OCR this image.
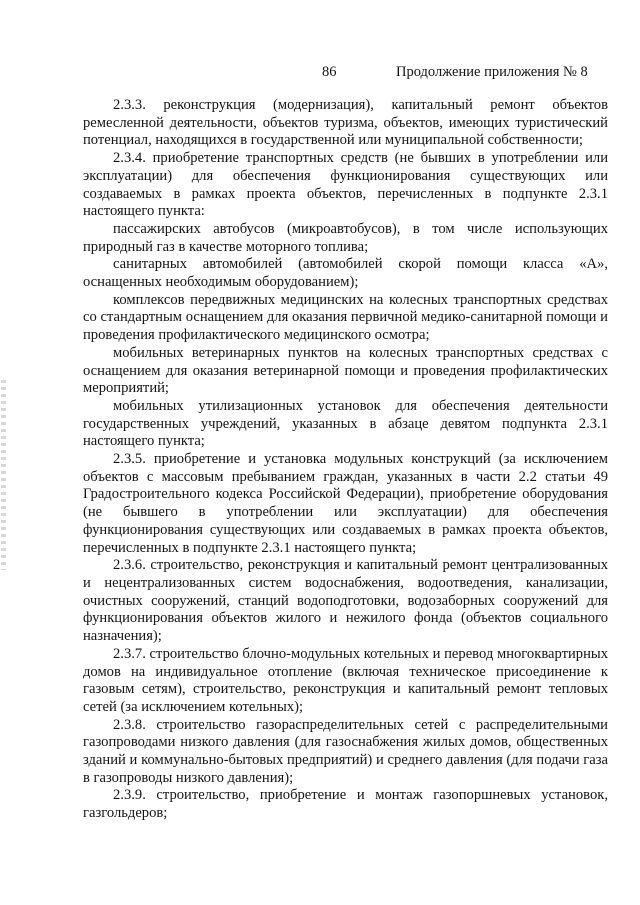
86	Продолжение приложения № 8

2.3.3. реконструкция (модернизация), капитальный ремонт объектов ремесленной деятельности, объектов туризма, объектов, имеющих туристический потенциал, находящихся в государственной или муниципальной собственности;

2.3.4. приобретение транспортных средств (не бывших в употреблении или эксплуатации) для обеспечения функционирования существующих или создаваемых в рамках проекта объектов, перечисленных в подпункте 2.3.1 настоящего пункта:

пассажирских автобусов (микроавтобусов), в том числе использующих природный газ в качестве моторного топлива;

санитарных автомобилей (автомобилей скорой помощи класса «А», оснащенных необходимым оборудованием);

комплексов передвижных медицинских на колесных транспортных средствах со стандартным оснащением для оказания первичной медико-санитарной помощи и проведения профилактического медицинского осмотра;

мобильных ветеринарных пунктов на колесных транспортных средствах с оснащением для оказания ветеринарной помощи и проведения профилактических мероприятий;

мобильных утилизационных установок для обеспечения деятельности государственных учреждений, указанных в абзаце девятом подпункта 2.3.1 настоящего пункта;

2.3.5. приобретение и установка модульных конструкций (за исключением объектов с массовым пребыванием граждан, указанных в части 2.2 статьи 49 Градостроительного кодекса Российской Федерации), приобретение оборудования (не бывшего в употреблении или эксплуатации) для обеспечения функционирования существующих или создаваемых в рамках проекта объектов, перечисленных в подпункте 2.3.1 настоящего пункта;

2.3.6. строительство, реконструкция и капитальный ремонт централизованных и нецентрализованных систем водоснабжения, водоотведения, канализации, очистных сооружений, станций водоподготовки, водозаборных сооружений для функционирования объектов жилого и нежилого фонда (объектов социального назначения);

2.3.7. строительство блочно-модульных котельных и перевод многоквартирных домов на индивидуальное отопление (включая техническое присоединение к газовым сетям), строительство, реконструкция и капитальный ремонт тепловых сетей (за исключением котельных);

2.3.8. строительство газораспределительных сетей с распределительными газопроводами низкого давления (для газоснабжения жилых домов, общественных зданий и коммунально-бытовых предприятий) и среднего давления (для подачи газа в газопроводы низкого давления);

2.3.9. строительство, приобретение и монтаж газопоршневых установок, газгольдеров;
